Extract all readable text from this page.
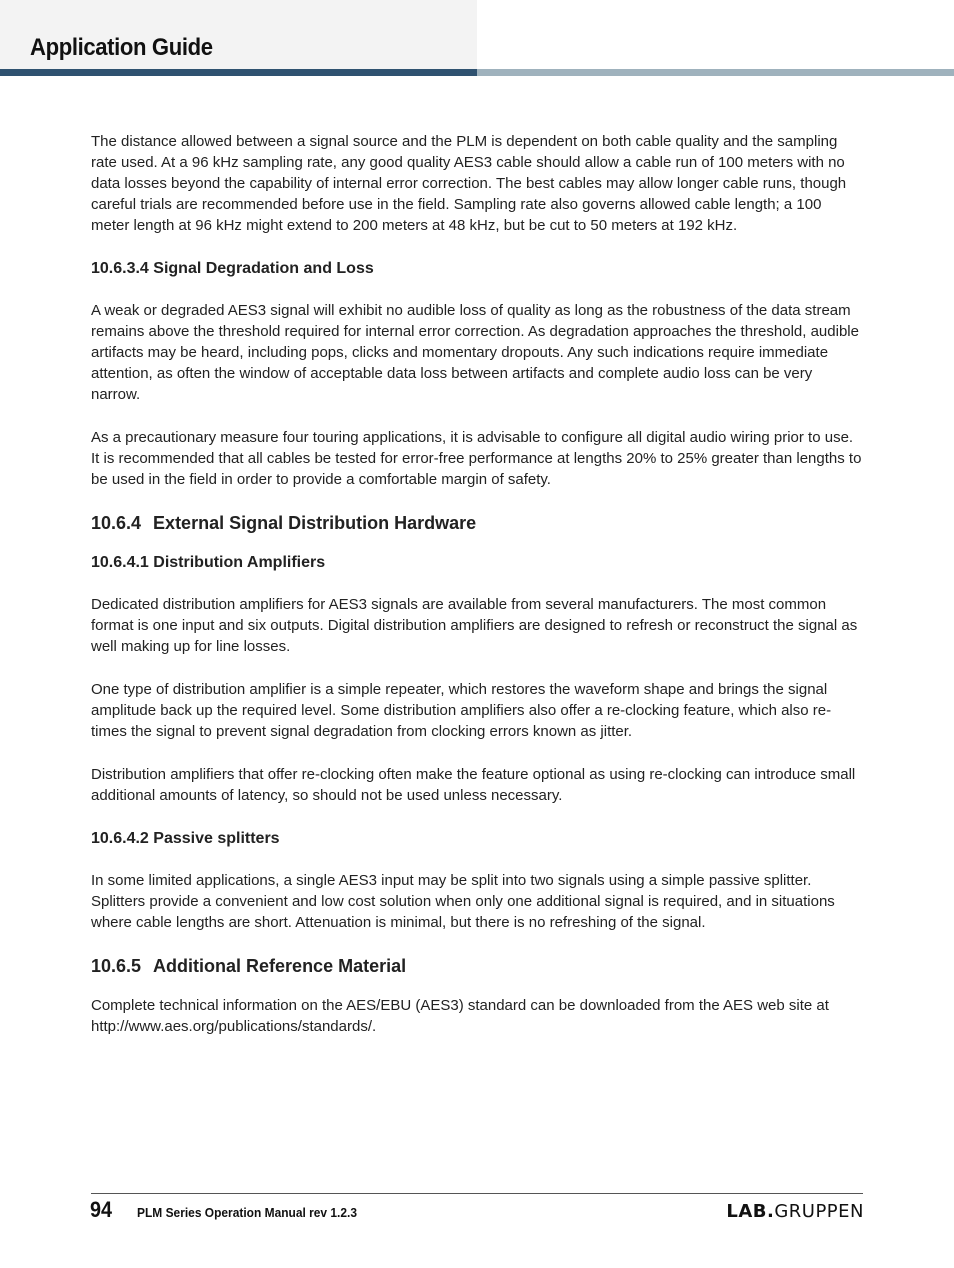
Application Guide

The distance allowed between a signal source and the PLM is dependent on both cable quality and the sampling rate used. At a 96 kHz sampling rate, any good quality AES3 cable should allow a cable run of 100 meters with no data losses beyond the capability of internal error correction. The best cables may allow longer cable runs, though careful trials are recommended before use in the field. Sampling rate also governs allowed cable length; a 100 meter length at 96 kHz might extend to 200 meters at 48 kHz, but be cut to 50 meters at 192 kHz.

10.6.3.4 Signal Degradation and Loss

A weak or degraded AES3 signal will exhibit no audible loss of quality as long as the robustness of the data stream remains above the threshold required for internal error correction. As degradation approaches the threshold, audible artifacts may be heard, including pops, clicks and momentary dropouts. Any such indications require immediate attention, as often the window of acceptable data loss between artifacts and complete audio loss can be very narrow.

As a precautionary measure four touring applications, it is advisable to configure all digital audio wiring prior to use. It is recommended that all cables be tested for error-free performance at lengths 20% to 25% greater than lengths to be used in the field in order to provide a comfortable margin of safety.

10.6.4 External Signal Distribution Hardware
10.6.4.1 Distribution Amplifiers

Dedicated distribution amplifiers for AES3 signals are available from several manufacturers. The most common format is one input and six outputs. Digital distribution amplifiers are designed to refresh or reconstruct the signal as well making up for line losses.

One type of distribution amplifier is a simple repeater, which restores the waveform shape and brings the signal amplitude back up the required level. Some distribution amplifiers also offer a re-clocking feature, which also re-times the signal to prevent signal degradation from clocking errors known as jitter.

Distribution amplifiers that offer re-clocking often make the feature optional as using re-clocking can introduce small additional amounts of latency, so should not be used unless necessary.

10.6.4.2 Passive splitters

In some limited applications, a single AES3 input may be split into two signals using a simple passive splitter. Splitters provide a convenient and low cost solution when only one additional signal is required, and in situations where cable lengths are short. Attenuation is minimal, but there is no refreshing of the signal.

10.6.5 Additional Reference Material

Complete technical information on the AES/EBU (AES3) standard can be downloaded from the AES web site at http://www.aes.org/publications/standards/.

94 PLM Series Operation Manual rev 1.2.3	LAB.GRUPPEN
